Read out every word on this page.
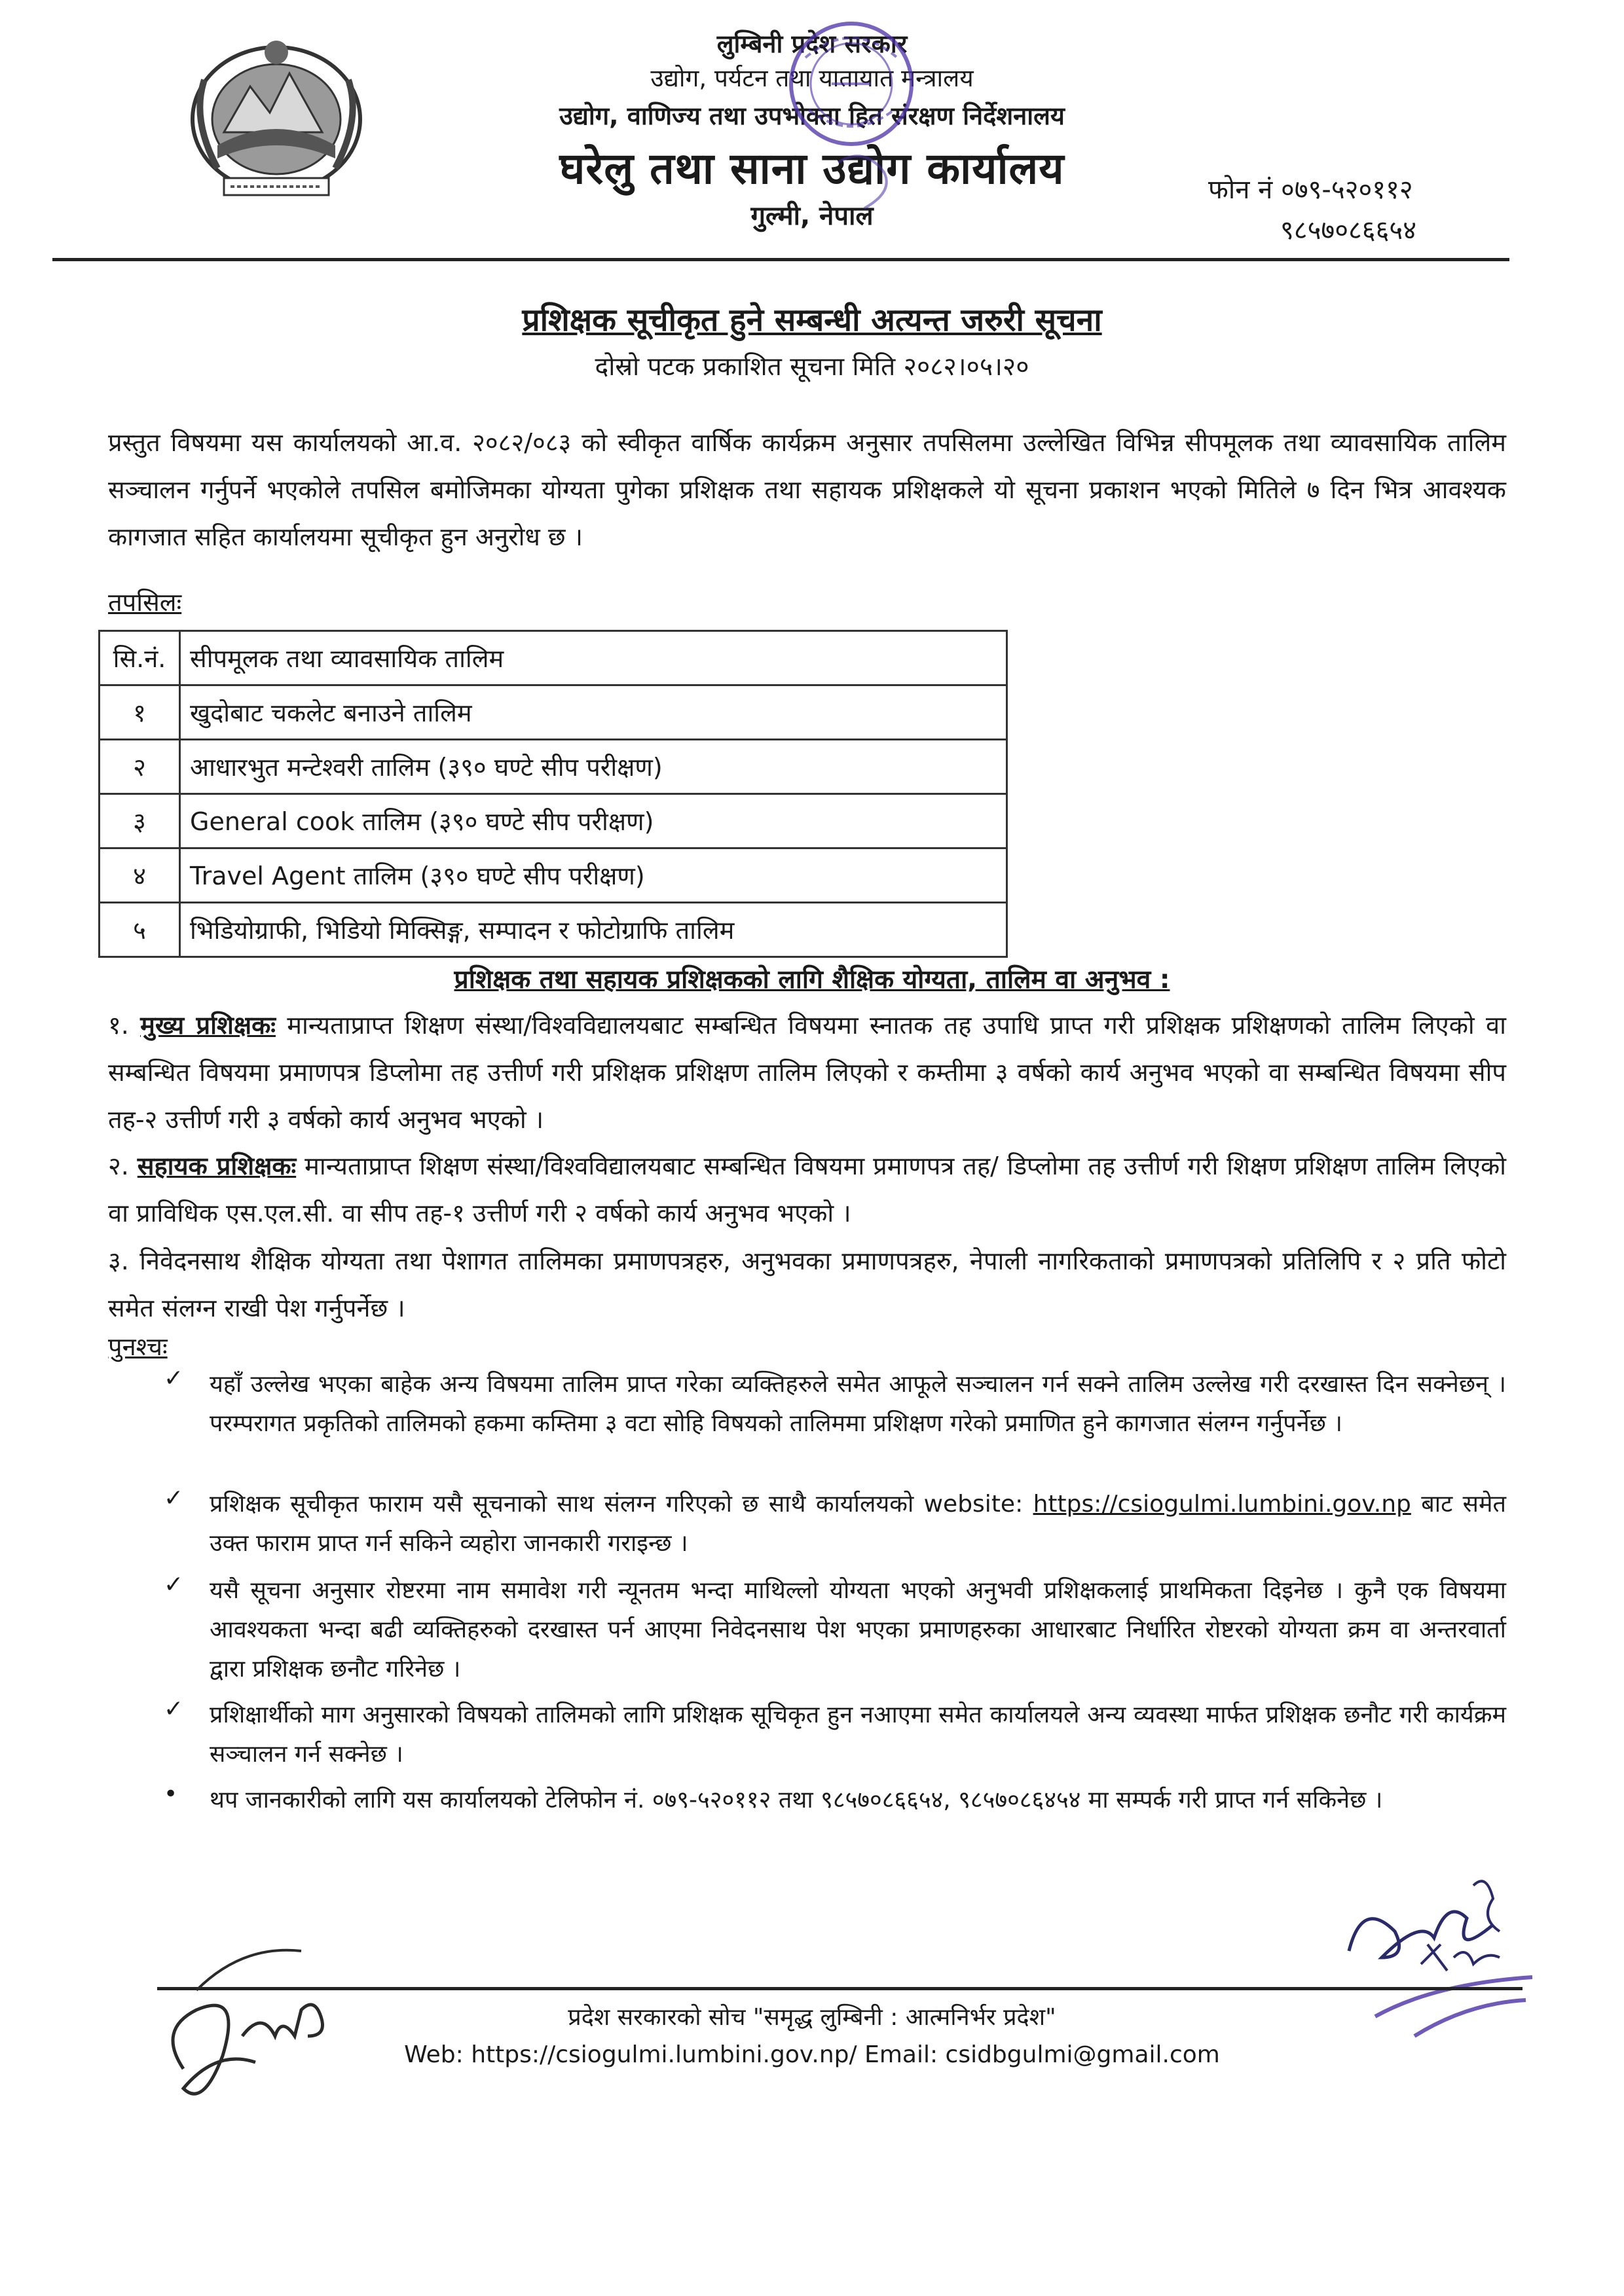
लुम्बिनी प्रदेश सरकार
उद्योग, पर्यटन तथा यातायात मन्त्रालय
उद्योग, वाणिज्य तथा उपभोक्ता हित संरक्षण निर्देशनालय
घरेलु तथा साना उद्योग कार्यालय
गुल्मी, नेपाल
फोन नं ०७९-५२०११२
९८५७०८६६५४
प्रशिक्षक सूचीकृत हुने सम्बन्धी अत्यन्त जरुरी सूचना
दोस्रो पटक प्रकाशित सूचना मिति २०८२।०५।२०
प्रस्तुत विषयमा यस कार्यालयको आ.व. २०८२/०८३ को स्वीकृत वार्षिक कार्यक्रम अनुसार तपसिलमा उल्लेखित विभिन्न सीपमूलक तथा व्यावसायिक तालिम सञ्चालन गर्नुपर्ने भएकोले तपसिल बमोजिमका योग्यता पुगेका प्रशिक्षक तथा सहायक प्रशिक्षकले यो सूचना प्रकाशन भएको मितिले ७ दिन भित्र आवश्यक कागजात सहित कार्यालयमा सूचीकृत हुन अनुरोध छ ।
तपसिलः
सि.नं.	सीपमूलक तथा व्यावसायिक तालिम
१	खुदोबाट चकलेट बनाउने तालिम
२	आधारभुत मन्टेश्वरी तालिम (३९० घण्टे सीप परीक्षण)
३	General cook तालिम (३९० घण्टे सीप परीक्षण)
४	Travel Agent तालिम (३९० घण्टे सीप परीक्षण)
५	भिडियोग्राफी, भिडियो मिक्सिङ्ग, सम्पादन र फोटोग्राफि तालिम
प्रशिक्षक तथा सहायक प्रशिक्षकको लागि शैक्षिक योग्यता, तालिम वा अनुभव :
१. मुख्य प्रशिक्षकः मान्यताप्राप्त शिक्षण संस्था/विश्वविद्यालयबाट सम्बन्धित विषयमा स्नातक तह उपाधि प्राप्त गरी प्रशिक्षक प्रशिक्षणको तालिम लिएको वा सम्बन्धित विषयमा प्रमाणपत्र डिप्लोमा तह उत्तीर्ण गरी प्रशिक्षक प्रशिक्षण तालिम लिएको र कम्तीमा ३ वर्षको कार्य अनुभव भएको वा सम्बन्धित विषयमा सीप तह-२ उत्तीर्ण गरी ३ वर्षको कार्य अनुभव भएको ।
२. सहायक प्रशिक्षकः मान्यताप्राप्त शिक्षण संस्था/विश्वविद्यालयबाट सम्बन्धित विषयमा प्रमाणपत्र तह/ डिप्लोमा तह उत्तीर्ण गरी शिक्षण प्रशिक्षण तालिम लिएको वा प्राविधिक एस.एल.सी. वा सीप तह-१ उत्तीर्ण गरी २ वर्षको कार्य अनुभव भएको ।
३. निवेदनसाथ शैक्षिक योग्यता तथा पेशागत तालिमका प्रमाणपत्रहरु, अनुभवका प्रमाणपत्रहरु, नेपाली नागरिकताको प्रमाणपत्रको प्रतिलिपि र २ प्रति फोटो समेत संलग्न राखी पेश गर्नुपर्नेछ ।
पुनश्चः
✓ यहाँ उल्लेख भएका बाहेक अन्य विषयमा तालिम प्राप्त गरेका व्यक्तिहरुले समेत आफूले सञ्चालन गर्न सक्ने तालिम उल्लेख गरी दरखास्त दिन सक्नेछन् । परम्परागत प्रकृतिको तालिमको हकमा कम्तिमा ३ वटा सोहि विषयको तालिममा प्रशिक्षण गरेको प्रमाणित हुने कागजात संलग्न गर्नुपर्नेछ ।
✓ प्रशिक्षक सूचीकृत फाराम यसै सूचनाको साथ संलग्न गरिएको छ साथै कार्यालयको website: https://csiogulmi.lumbini.gov.np बाट समेत उक्त फाराम प्राप्त गर्न सकिने व्यहोरा जानकारी गराइन्छ ।
✓ यसै सूचना अनुसार रोष्टरमा नाम समावेश गरी न्यूनतम भन्दा माथिल्लो योग्यता भएको अनुभवी प्रशिक्षकलाई प्राथमिकता दिइनेछ । कुनै एक विषयमा आवश्यकता भन्दा बढी व्यक्तिहरुको दरखास्त पर्न आएमा निवेदनसाथ पेश भएका प्रमाणहरुका आधारबाट निर्धारित रोष्टरको योग्यता क्रम वा अन्तरवार्ता द्वारा प्रशिक्षक छनौट गरिनेछ ।
✓ प्रशिक्षार्थीको माग अनुसारको विषयको तालिमको लागि प्रशिक्षक सूचिकृत हुन नआएमा समेत कार्यालयले अन्य व्यवस्था मार्फत प्रशिक्षक छनौट गरी कार्यक्रम सञ्चालन गर्न सक्नेछ ।
• थप जानकारीको लागि यस कार्यालयको टेलिफोन नं. ०७९-५२०११२ तथा ९८५७०८६६५४, ९८५७०८६४५४ मा सम्पर्क गरी प्राप्त गर्न सकिनेछ ।
प्रदेश सरकारको सोच "समृद्ध लुम्बिनी : आत्मनिर्भर प्रदेश"
Web: https://csiogulmi.lumbini.gov.np/ Email: csidbgulmi@gmail.com
